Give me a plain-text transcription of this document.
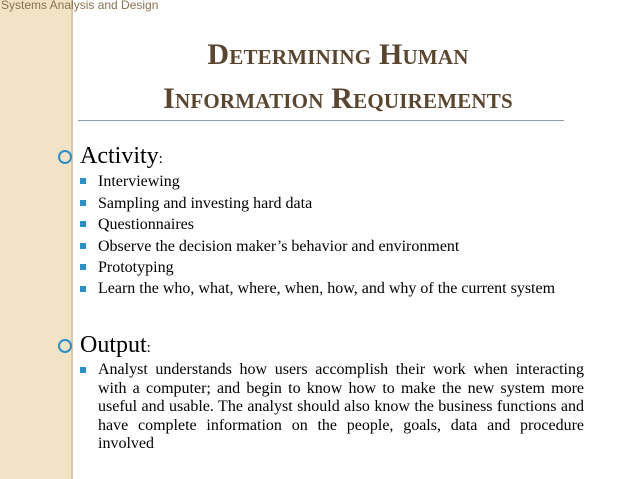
Systems Analysis and Design
Determining Human
Information Requirements
Activity:
Interviewing
Sampling and investing hard data
Questionnaires
Observe the decision maker’s behavior and environment
Prototyping
Learn the who, what, where, when, how, and why of the current system
Output:
Analyst understands how users accomplish their work when interacting with a computer; and begin to know how to make the new system more useful and usable. The analyst should also know the business functions and have complete information on the people, goals, data and procedure involved
